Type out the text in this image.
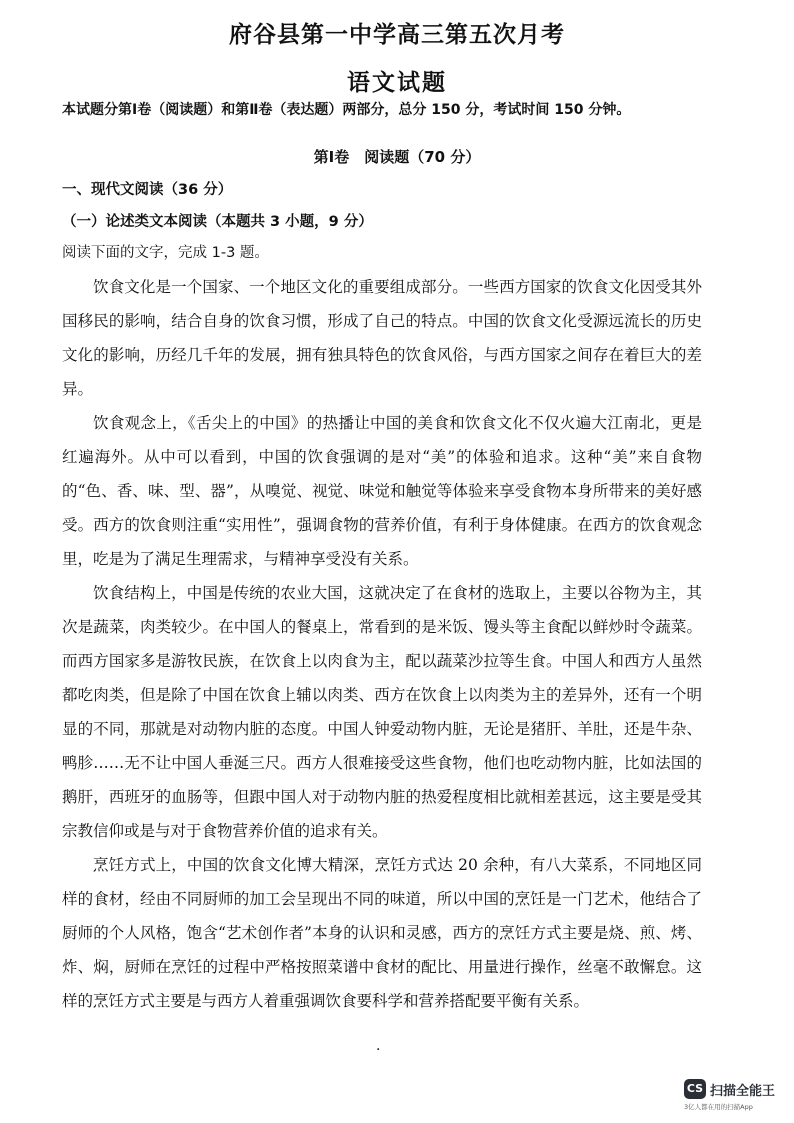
府谷县第一中学高三第五次月考
语文试题
本试题分第Ⅰ卷（阅读题）和第Ⅱ卷（表达题）两部分，总分 150 分，考试时间 150 分钟。
第Ⅰ卷　阅读题（70 分）
一、现代文阅读（36 分）
（一）论述类文本阅读（本题共 3 小题，9 分）
阅读下面的文字，完成 1-3 题。

饮食文化是一个国家、一个地区文化的重要组成部分。一些西方国家的饮食文化因受其外国移民的影响，结合自身的饮食习惯，形成了自己的特点。中国的饮食文化受源远流长的历史文化的影响，历经几千年的发展，拥有独具特色的饮食风俗，与西方国家之间存在着巨大的差异。

饮食观念上，《舌尖上的中国》的热播让中国的美食和饮食文化不仅火遍大江南北，更是红遍海外。从中可以看到，中国的饮食强调的是对“美”的体验和追求。这种“美”来自食物的“色、香、味、型、器”，从嗅觉、视觉、味觉和触觉等体验来享受食物本身所带来的美好感受。西方的饮食则注重“实用性”，强调食物的营养价值，有利于身体健康。在西方的饮食观念里，吃是为了满足生理需求，与精神享受没有关系。

饮食结构上，中国是传统的农业大国，这就决定了在食材的选取上，主要以谷物为主，其次是蔬菜，肉类较少。在中国人的餐桌上，常看到的是米饭、馒头等主食配以鲜炒时令蔬菜。而西方国家多是游牧民族，在饮食上以肉食为主，配以蔬菜沙拉等生食。中国人和西方人虽然都吃肉类，但是除了中国在饮食上辅以肉类、西方在饮食上以肉类为主的差异外，还有一个明显的不同，那就是对动物内脏的态度。中国人钟爱动物内脏，无论是猪肝、羊肚，还是牛杂、鸭胗……无不让中国人垂涎三尺。西方人很难接受这些食物，他们也吃动物内脏，比如法国的鹅肝，西班牙的血肠等，但跟中国人对于动物内脏的热爱程度相比就相差甚远，这主要是受其宗教信仰或是与对于食物营养价值的追求有关。

烹饪方式上，中国的饮食文化博大精深，烹饪方式达 20 余种，有八大菜系，不同地区同样的食材，经由不同厨师的加工会呈现出不同的味道，所以中国的烹饪是一门艺术，他结合了厨师的个人风格，饱含“艺术创作者”本身的认识和灵感，西方的烹饪方式主要是烧、煎、烤、炸、焖，厨师在烹饪的过程中严格按照菜谱中食材的配比、用量进行操作，丝毫不敢懈怠。这样的烹饪方式主要是与西方人着重强调饮食要科学和营养搭配要平衡有关系。

·
CS 扫描全能王
3亿人都在用的扫描App
